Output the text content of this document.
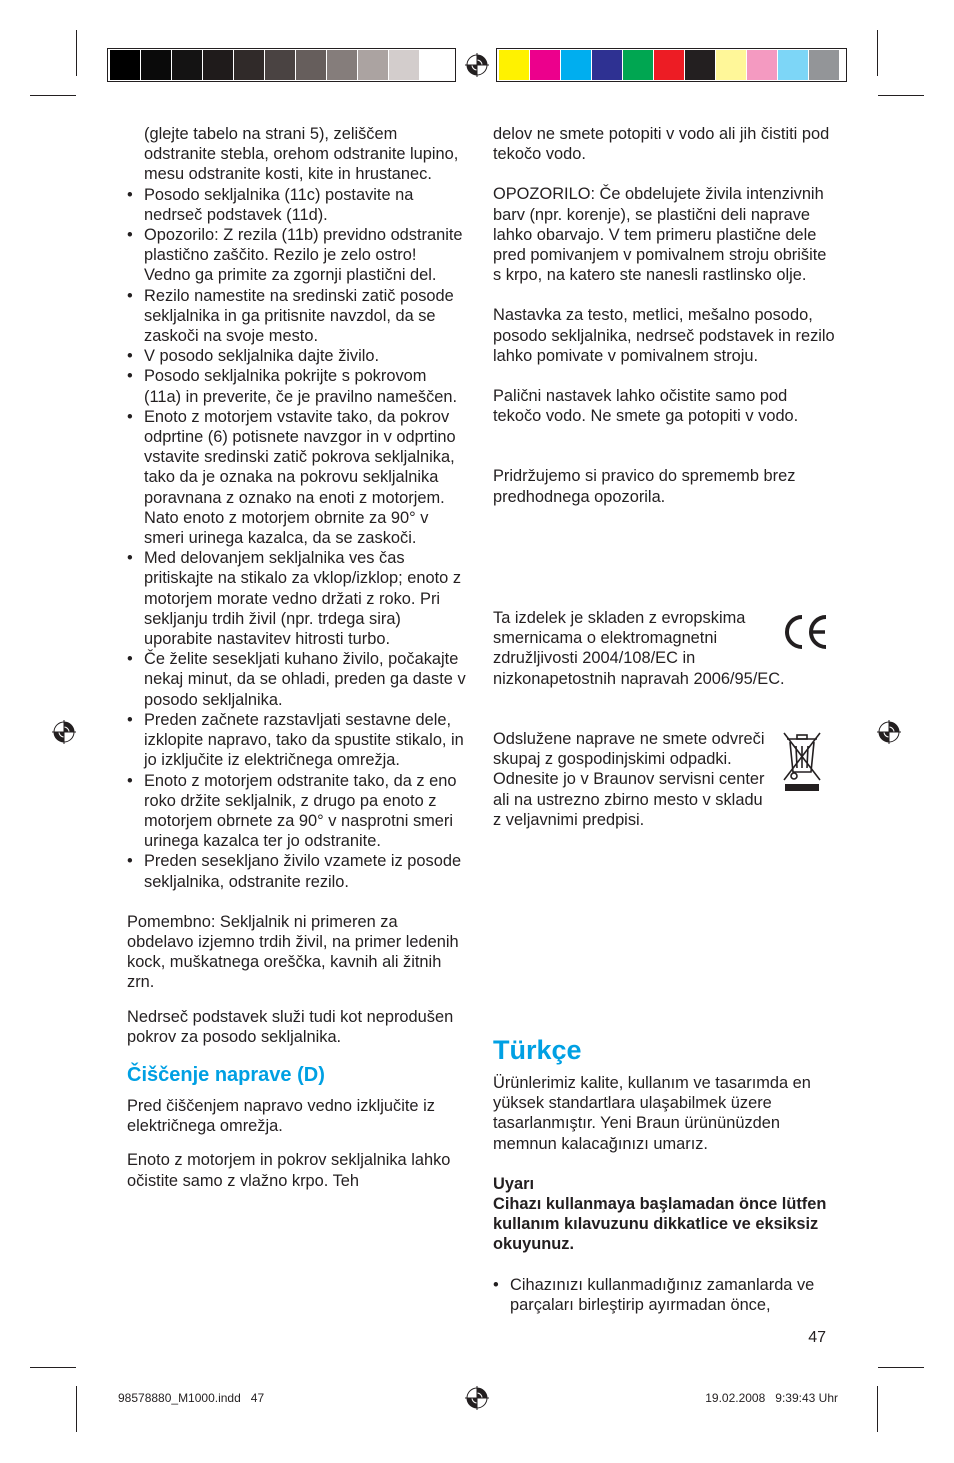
(glejte tabelo na strani 5), zeliščem odstranite stebla, orehom odstranite lupino, mesu odstranite kosti, kite in hrustanec.

• Posodo sekljalnika (11c) postavite na nedrseč podstavek (11d).
• Opozorilo: Z rezila (11b) previdno odstranite plastično zaščito. Rezilo je zelo ostro! Vedno ga primite za zgornji plastični del.
• Rezilo namestite na sredinski zatič posode sekljalnika in ga pritisnite navzdol, da se zaskoči na svoje mesto.
• V posodo sekljalnika dajte živilo.
• Posodo sekljalnika pokrijte s pokrovom (11a) in preverite, če je pravilno nameščen.
• Enoto z motorjem vstavite tako, da pokrov odprtine (6) potisnete navzgor in v odprtino vstavite sredinski zatič pokrova sekljalnika, tako da je oznaka na pokrovu sekljalnika poravnana z oznako na enoti z motorjem. Nato enoto z motorjem obrnite za 90° v smeri urinega kazalca, da se zaskoči.
• Med delovanjem sekljalnika ves čas pritiskajte na stikalo za vklop/izklop; enoto z motorjem morate vedno držati z roko. Pri sekljanju trdih živil (npr. trdega sira) uporabite nastavitev hitrosti turbo.
• Če želite sesekljati kuhano živilo, počakajte nekaj minut, da se ohladi, preden ga daste v posodo sekljalnika.
• Preden začnete razstavljati sestavne dele, izklopite napravo, tako da spustite stikalo, in jo izključite iz električnega omrežja.
• Enoto z motorjem odstranite tako, da z eno roko držite sekljalnik, z drugo pa enoto z motorjem obrnete za 90° v nasprotni smeri urinega kazalca ter jo odstranite.
• Preden sesekljano živilo vzamete iz posode sekljalnika, odstranite rezilo.

Pomembno: Sekljalnik ni primeren za obdelavo izjemno trdih živil, na primer ledenih kock, muškatnega oreščka, kavnih ali žitnih zrn.

Nedrseč podstavek služi tudi kot neprodušen pokrov za posodo sekljalnika.

Čiščenje naprave (D)

Pred čiščenjem napravo vedno izključite iz električnega omrežja.

Enoto z motorjem in pokrov sekljalnika lahko očistite samo z vlažno krpo. Teh

delov ne smete potopiti v vodo ali jih čistiti pod tekočo vodo.

OPOZORILO: Če obdelujete živila intenzivnih barv (npr. korenje), se plastični deli naprave lahko obarvajo. V tem primeru plastične dele pred pomivanjem v pomivalnem stroju obrišite s krpo, na katero ste nanesli rastlinsko olje.

Nastavka za testo, metlici, mešalno posodo, posodo sekljalnika, nedrseč podstavek in rezilo lahko pomivate v pomivalnem stroju.

Palični nastavek lahko očistite samo pod tekočo vodo. Ne smete ga potopiti v vodo.

Pridržujemo si pravico do sprememb brez predhodnega opozorila.

Ta izdelek je skladen z evropskima
smernicama o elektromagnetni
združljivosti 2004/108/EC in
nizkonapetostnih napravah 2006/95/EC.

Odslužene naprave ne smete odvreči skupaj z gospodinjskimi odpadki. Odnesite jo v Braunov servisni center ali na ustrezno zbirno mesto v skladu z veljavnimi predpisi.

Türkçe

Ürünlerimiz kalite, kullanım ve tasarımda en yüksek standartlara ulaşabilmek üzere tasarlanmıştır. Yeni Braun ürününüzden memnun kalacağınızı umarız.

Uyarı

Cihazı kullanmaya başlamadan önce lütfen kullanım kılavuzunu dikkatlice ve eksiksiz okuyunuz.

• Cihazınızı kullanmadığınız zamanlarda ve parçaları birleştirip ayırmadan önce,
47
98578880_M1000.indd   47	19.02.2008   9:39:43 Uhr
